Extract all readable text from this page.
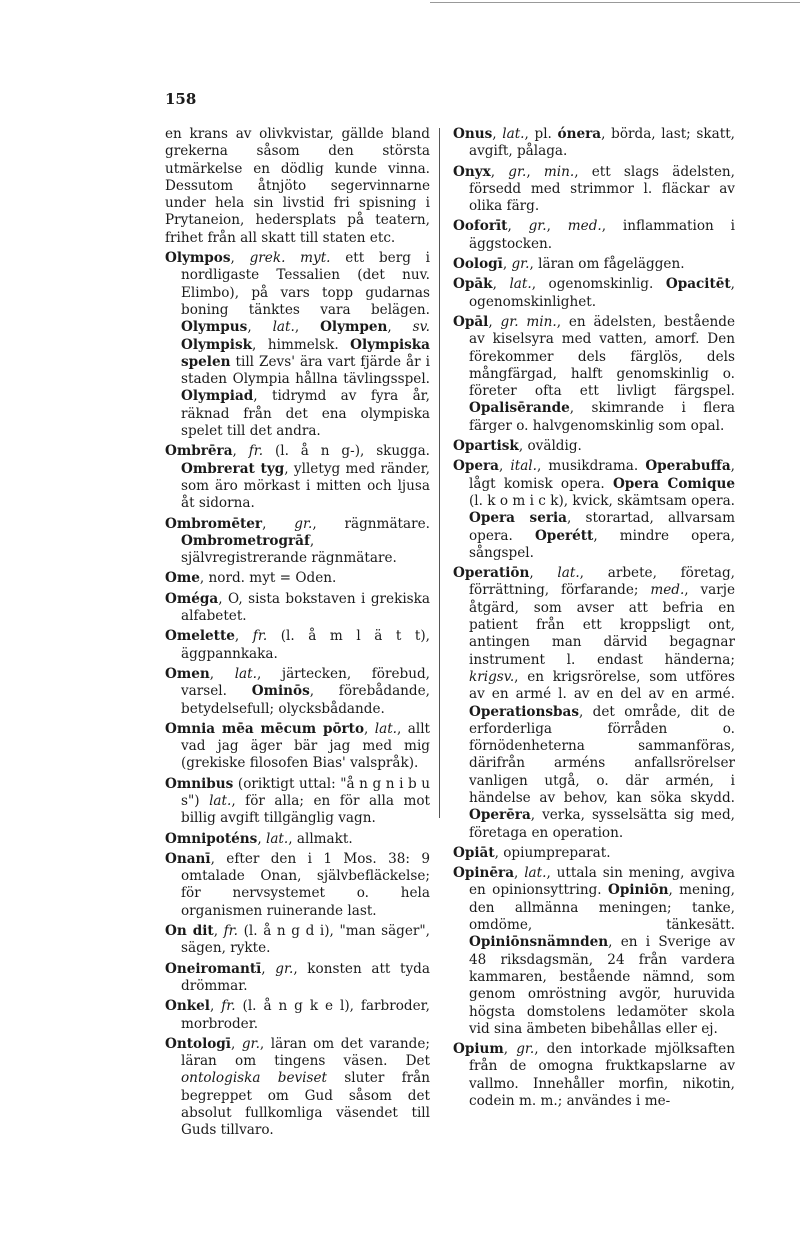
158

en krans av olivkvistar, gällde bland grekerna såsom den största utmärkelse en dödlig kunde vinna. Dessutom åtnjöto segervinnarne under hela sin livstid fri spisning i Prytaneion, hedersplats på teatern, frihet från all skatt till staten etc.

Olympos, grek. myt. ett berg i nordligaste Tessalien (det nuv. Elimbo), på vars topp gudarnas boning tänktes vara belägen. Olympus, lat., Olympen, sv. Olympisk, himmelsk. Olympiska spelen till Zevs' ära vart fjärde år i staden Olympia hållna tävlingsspel. Olympiad, tidrymd av fyra år, räknad från det ena olympiska spelet till det andra.

Ombrēra, fr. (l. å n g-), skugga. Ombrerat tyg, ylletyg med ränder, som äro mörkast i mitten och ljusa åt sidorna.

Ombromēter, gr., rägnmätare. Ombrometrogrāf, självregistrerande rägnmätare.

Ome, nord. myt = Oden.

Oméga, O, sista bokstaven i grekiska alfabetet.

Omelette, fr. (l. å m l ä t t), äggpannkaka.

Omen, lat., järtecken, förebud, varsel. Ominōs, förebådande, betydelsefull; olycksbådande.

Omnia mēa mēcum pōrto, lat., allt vad jag äger bär jag med mig (grekiske filosofen Bias' valspråk).

Omnibus (oriktigt uttal: "å n g n i b u s") lat., för alla; en för alla mot billig avgift tillgänglig vagn.

Omnipoténs, lat., allmakt.

Onanī, efter den i 1 Mos. 38: 9 omtalade Onan, självbefläckelse; för nervsystemet o. hela organismen ruinerande last.

On dit, fr. (l. å n g d i), "man säger", sägen, rykte.

Oneiromantī, gr., konsten att tyda drömmar.

Onkel, fr. (l. å n g k e l), farbroder, morbroder.

Ontologī, gr., läran om det varande; läran om tingens väsen. Det ontologiska beviset sluter från begreppet om Gud såsom det absolut fullkomliga väsendet till Guds tillvaro.

Onus, lat., pl. ónera, börda, last; skatt, avgift, pålaga.

Onyx, gr., min., ett slags ädelsten, försedd med strimmor l. fläckar av olika färg.

Ooforīt, gr., med., inflammation i äggstocken.

Oologī, gr., läran om fågeläggen.

Opāk, lat., ogenomskinlig. Opacitēt, ogenomskinlighet.

Opāl, gr. min., en ädelsten, bestående av kiselsyra med vatten, amorf. Den förekommer dels färglös, dels mångfärgad, halft genomskinlig o. företer ofta ett livligt färgspel. Opalisērande, skimrande i flera färger o. halvgenomskinlig som opal.

Opartisk, oväldig.

Opera, ital., musikdrama. Operabuffa, lågt komisk opera. Opera Comique (l. k o m i c k), kvick, skämtsam opera. Opera seria, storartad, allvarsam opera. Operétt, mindre opera, sångspel.

Operatiōn, lat., arbete, företag, förrättning, förfarande; med., varje åtgärd, som avser att befria en patient från ett kroppsligt ont, antingen man därvid begagnar instrument l. endast händerna; krigsv., en krigsrörelse, som utföres av en armé l. av en del av en armé. Operationsbas, det område, dit de erforderliga förråden o. förnödenheterna sammanföras, därifrån arméns anfallsrörelser vanligen utgå, o. där armén, i händelse av behov, kan söka skydd. Operēra, verka, sysselsätta sig med, företaga en operation.

Opiāt, opiumpreparat.

Opinēra, lat., uttala sin mening, avgiva en opinionsyttring. Opiniōn, mening, den allmänna meningen; tanke, omdöme, tänkesätt. Opiniōnsnämnden, en i Sverige av 48 riksdagsmän, 24 från vardera kammaren, bestående nämnd, som genom omröstning avgör, huruvida högsta domstolens ledamöter skola vid sina ämbeten bibehållas eller ej.

Opium, gr., den intorkade mjölksaften från de omogna fruktkapslarne av vallmo. Innehåller morfin, nikotin, codein m. m.; användes i me-
